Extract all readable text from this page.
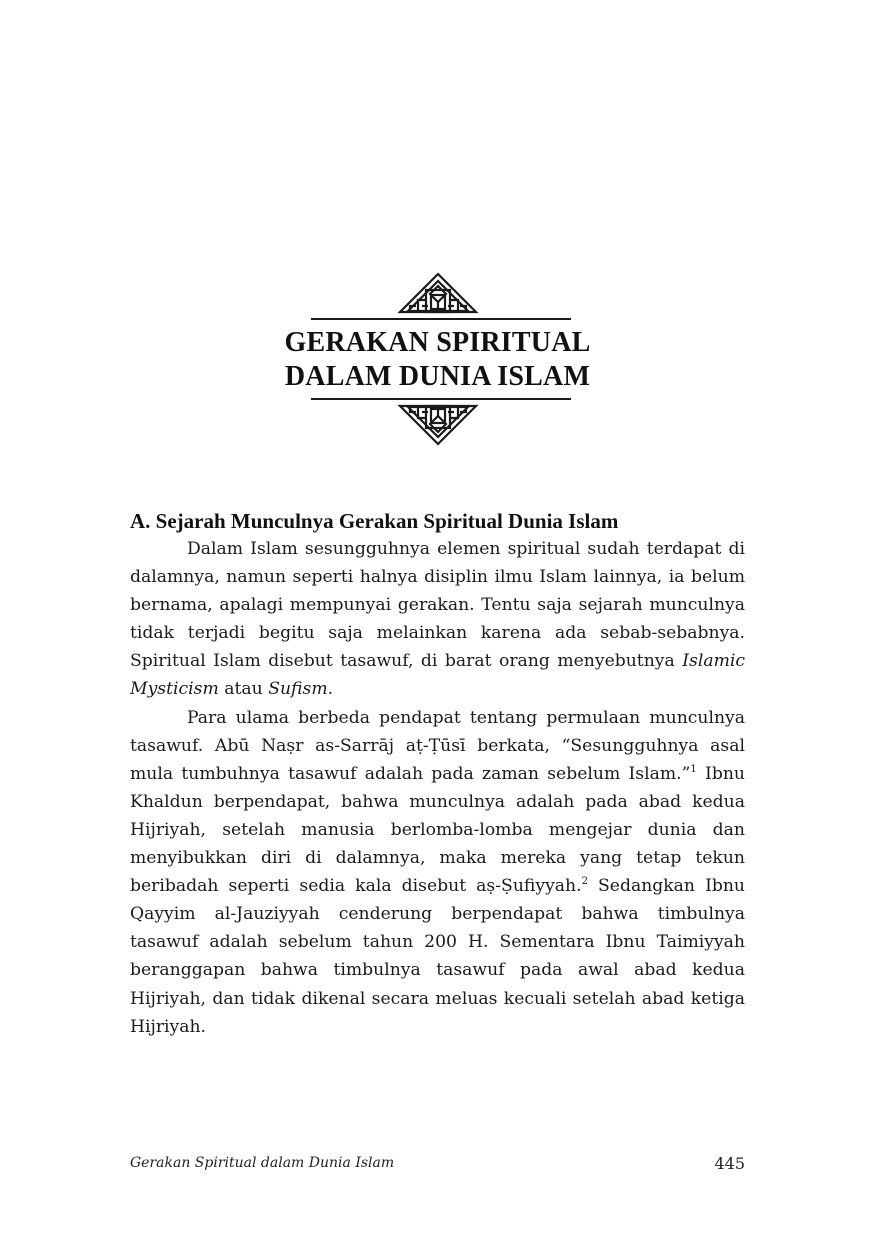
GERAKAN SPIRITUAL
DALAM DUNIA ISLAM
A. Sejarah Munculnya Gerakan Spiritual Dunia Islam

Dalam Islam sesungguhnya elemen spiritual sudah terdapat di dalamnya, namun seperti halnya disiplin ilmu Islam lainnya, ia belum bernama, apalagi mempunyai gerakan. Tentu saja sejarah munculnya tidak terjadi begitu saja melainkan karena ada sebab-sebabnya. Spiritual Islam disebut tasawuf, di barat orang menyebutnya Islamic Mysticism atau Sufism.

Para ulama berbeda pendapat tentang permulaan munculnya tasawuf. Abū Naṣr as-Sarrāj aṭ-Ṭūsī berkata, “Sesungguhnya asal mula tumbuhnya tasawuf adalah pada zaman sebelum Islam.”$^1$ Ibnu Khaldun berpendapat, bahwa munculnya adalah pada abad kedua Hijriyah, setelah manusia berlomba-lomba mengejar dunia dan menyibukkan diri di dalamnya, maka mereka yang tetap tekun beribadah seperti sedia kala disebut aṣ-Ṣufiyyah.$^2$ Sedangkan Ibnu Qayyim al-Jauziyyah cenderung berpendapat bahwa timbulnya tasawuf adalah sebelum tahun 200 H. Sementara Ibnu Taimiyyah beranggapan bahwa timbulnya tasawuf pada awal abad kedua Hijriyah, dan tidak dikenal secara meluas kecuali setelah abad ketiga Hijriyah.

Gerakan Spiritual dalam Dunia Islam	445
